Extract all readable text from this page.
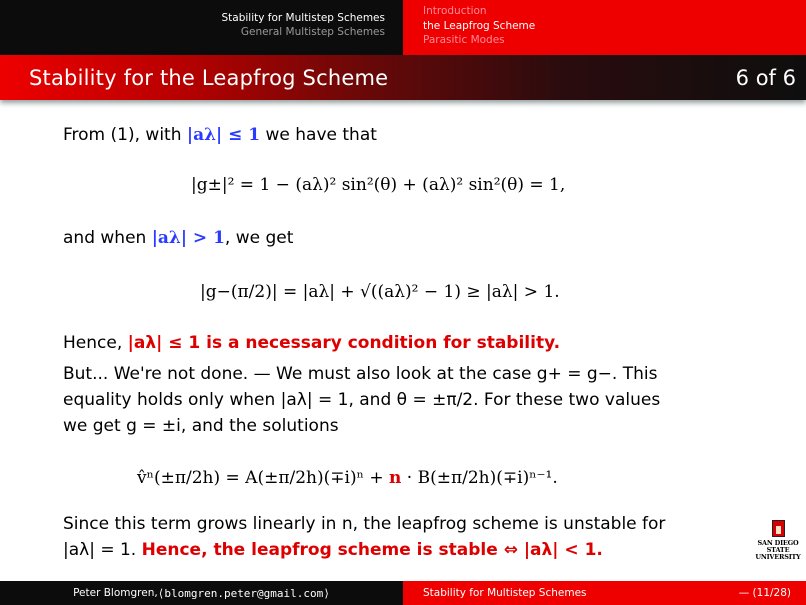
Stability for Multistep Schemes
General Multistep Schemes
Introduction
the Leapfrog Scheme
Parasitic Modes
Stability for the Leapfrog Scheme	6 of 6
From (1), with |aλ| ≤ 1 we have that
|g±|² = 1 − (aλ)² sin²(θ) + (aλ)² sin²(θ) = 1,
and when |aλ| > 1, we get
|g−(π/2)| = |aλ| + √((aλ)² − 1) ≥ |aλ| > 1.
Hence, |aλ| ≤ 1 is a necessary condition for stability.
But... We're not done. — We must also look at the case g+ = g−. This
equality holds only when |aλ| = 1, and θ = ±π/2. For these two values
we get g = ±i, and the solutions
v̂ⁿ(±π/2h) = A(±π/2h)(∓i)ⁿ + n · B(±π/2h)(∓i)ⁿ⁻¹.
Since this term grows linearly in n, the leapfrog scheme is unstable for
|aλ| = 1. Hence, the leapfrog scheme is stable ⇔ |aλ| < 1.	SAN DIEGO STATE
UNIVERSITY
Peter Blomgren, ⟨blomgren.peter@gmail.com⟩	Stability for Multistep Schemes	— (11/28)
